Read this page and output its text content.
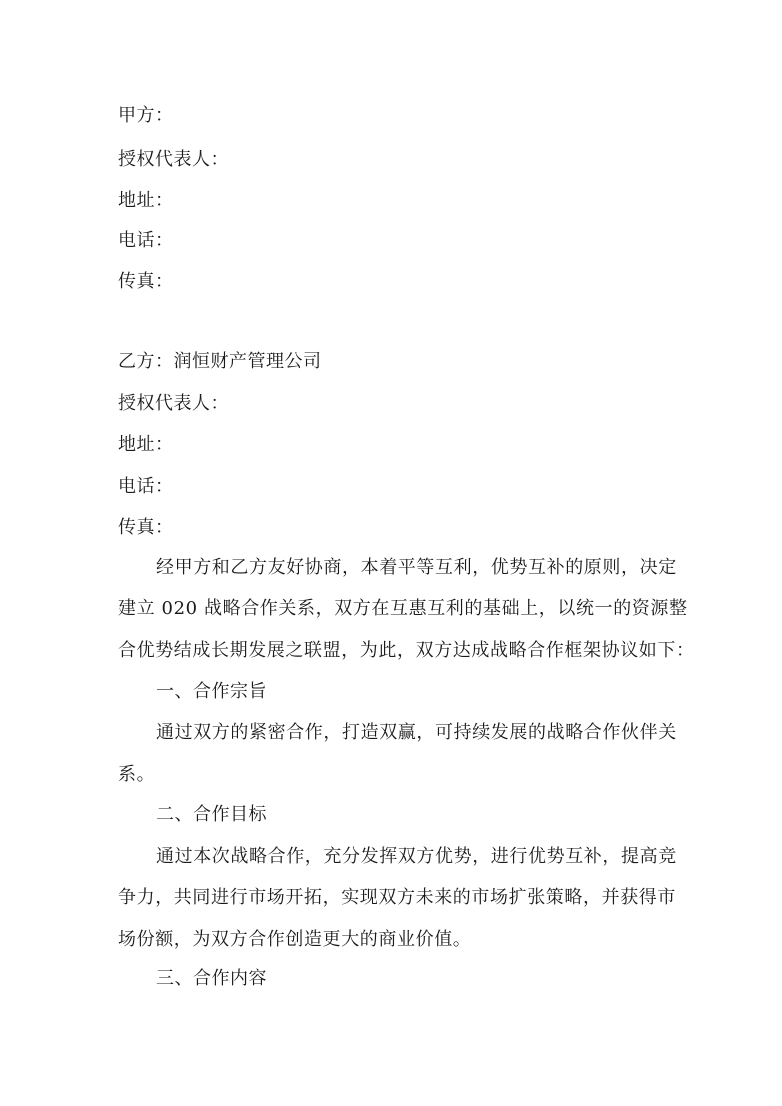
甲方：
授权代表人：
地址：
电话：
传真：
乙方：润恒财产管理公司
授权代表人：
地址：
电话：
传真：
经甲方和乙方友好协商，本着平等互利，优势互补的原则，决定
建立 020 战略合作关系，双方在互惠互利的基础上，以统一的资源整
合优势结成长期发展之联盟，为此，双方达成战略合作框架协议如下：
一、合作宗旨
通过双方的紧密合作，打造双赢，可持续发展的战略合作伙伴关
系。
二、合作目标
通过本次战略合作，充分发挥双方优势，进行优势互补，提高竞
争力，共同进行市场开拓，实现双方未来的市场扩张策略，并获得市
场份额，为双方合作创造更大的商业价值。
三、合作内容
